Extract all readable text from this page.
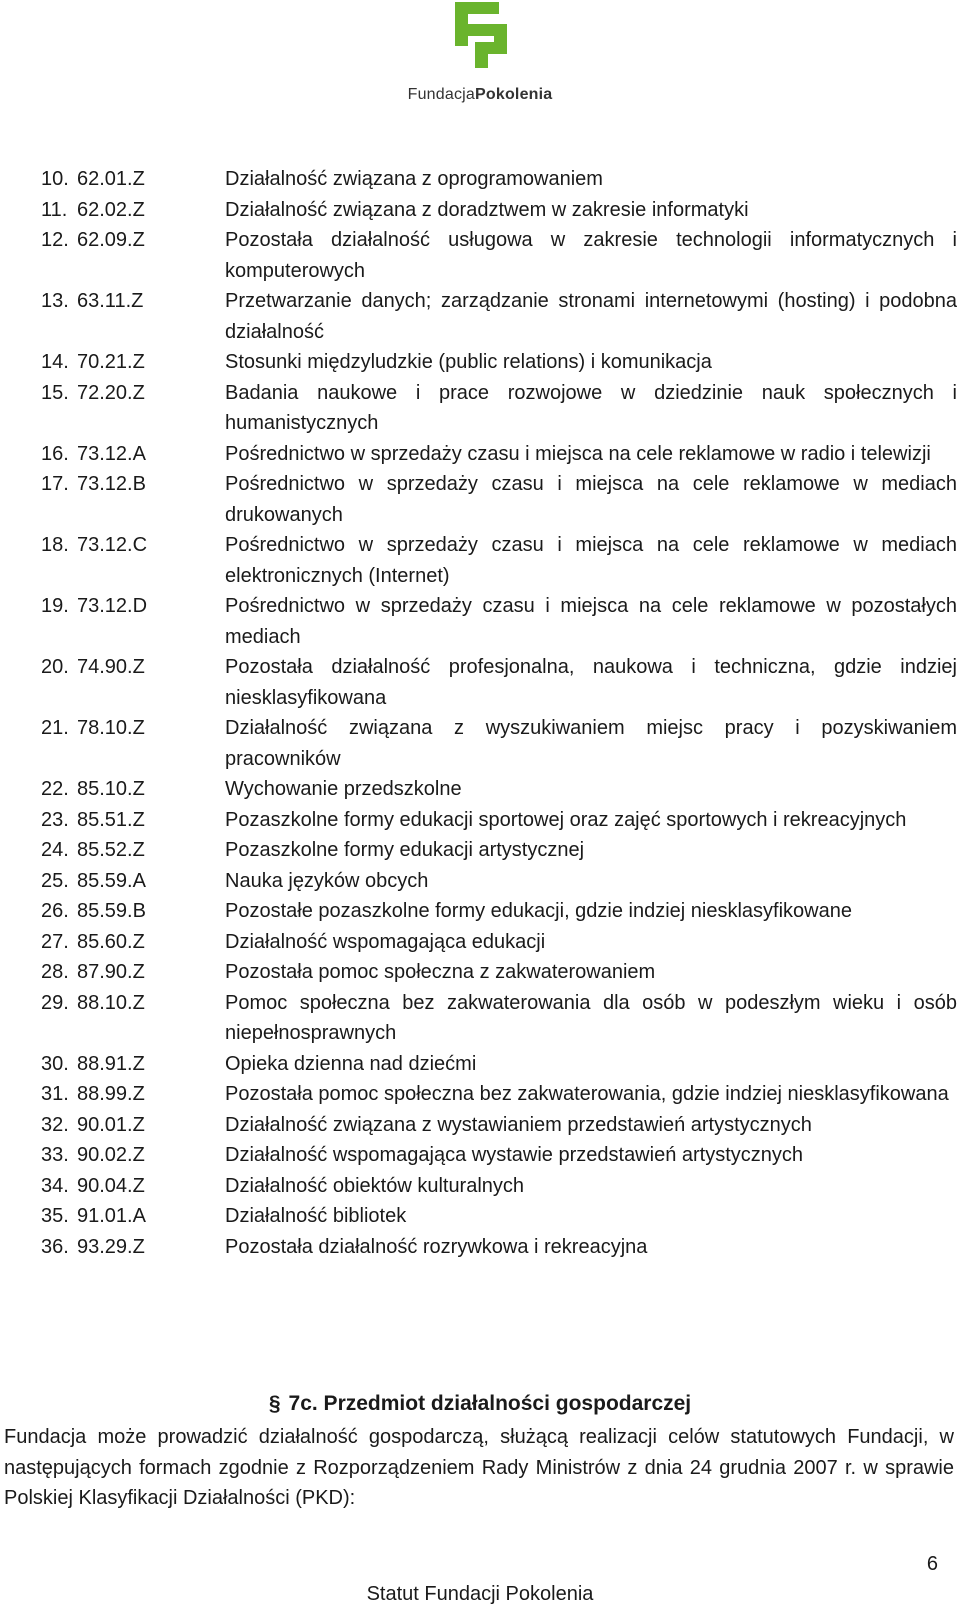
FundacjaPokolenia
10. 62.01.Z	Działalność związana z oprogramowaniem
11. 62.02.Z	Działalność związana z doradztwem w zakresie informatyki
12. 62.09.Z	Pozostała działalność usługowa w zakresie technologii informatycznych i komputerowych
13. 63.11.Z	Przetwarzanie danych; zarządzanie stronami internetowymi (hosting) i podobna działalność
14. 70.21.Z	Stosunki międzyludzkie (public relations) i komunikacja
15. 72.20.Z	Badania naukowe i prace rozwojowe w dziedzinie nauk społecznych i humanistycznych
16. 73.12.A	Pośrednictwo w sprzedaży czasu i miejsca na cele reklamowe w radio i telewizji
17. 73.12.B	Pośrednictwo w sprzedaży czasu i miejsca na cele reklamowe w mediach drukowanych
18. 73.12.C	Pośrednictwo w sprzedaży czasu i miejsca na cele reklamowe w mediach elektronicznych (Internet)
19. 73.12.D	Pośrednictwo w sprzedaży czasu i miejsca na cele reklamowe w pozostałych mediach
20. 74.90.Z	Pozostała działalność profesjonalna, naukowa i techniczna, gdzie indziej niesklasyfikowana
21. 78.10.Z	Działalność związana z wyszukiwaniem miejsc pracy i pozyskiwaniem pracowników
22. 85.10.Z	Wychowanie przedszkolne
23. 85.51.Z	Pozaszkolne formy edukacji sportowej oraz zajęć sportowych i rekreacyjnych
24. 85.52.Z	Pozaszkolne formy edukacji artystycznej
25. 85.59.A	Nauka języków obcych
26. 85.59.B	Pozostałe pozaszkolne formy edukacji, gdzie indziej niesklasyfikowane
27. 85.60.Z	Działalność wspomagająca edukacji
28. 87.90.Z	Pozostała pomoc społeczna z zakwaterowaniem
29. 88.10.Z	Pomoc społeczna bez zakwaterowania dla osób w podeszłym wieku i osób niepełnosprawnych
30. 88.91.Z	Opieka dzienna nad dziećmi
31. 88.99.Z	Pozostała pomoc społeczna bez zakwaterowania, gdzie indziej niesklasyfikowana
32. 90.01.Z	Działalność związana z wystawianiem przedstawień artystycznych
33. 90.02.Z	Działalność wspomagająca wystawie przedstawień artystycznych
34. 90.04.Z	Działalność obiektów kulturalnych
35. 91.01.A	Działalność bibliotek
36. 93.29.Z	Pozostała działalność rozrywkowa i rekreacyjna
§ 7c. Przedmiot działalności gospodarczej
Fundacja może prowadzić działalność gospodarczą, służącą realizacji celów statutowych Fundacji, w następujących formach zgodnie z Rozporządzeniem Rady Ministrów z dnia 24 grudnia 2007 r. w sprawie Polskiej Klasyfikacji Działalności (PKD):
6
Statut Fundacji Pokolenia
